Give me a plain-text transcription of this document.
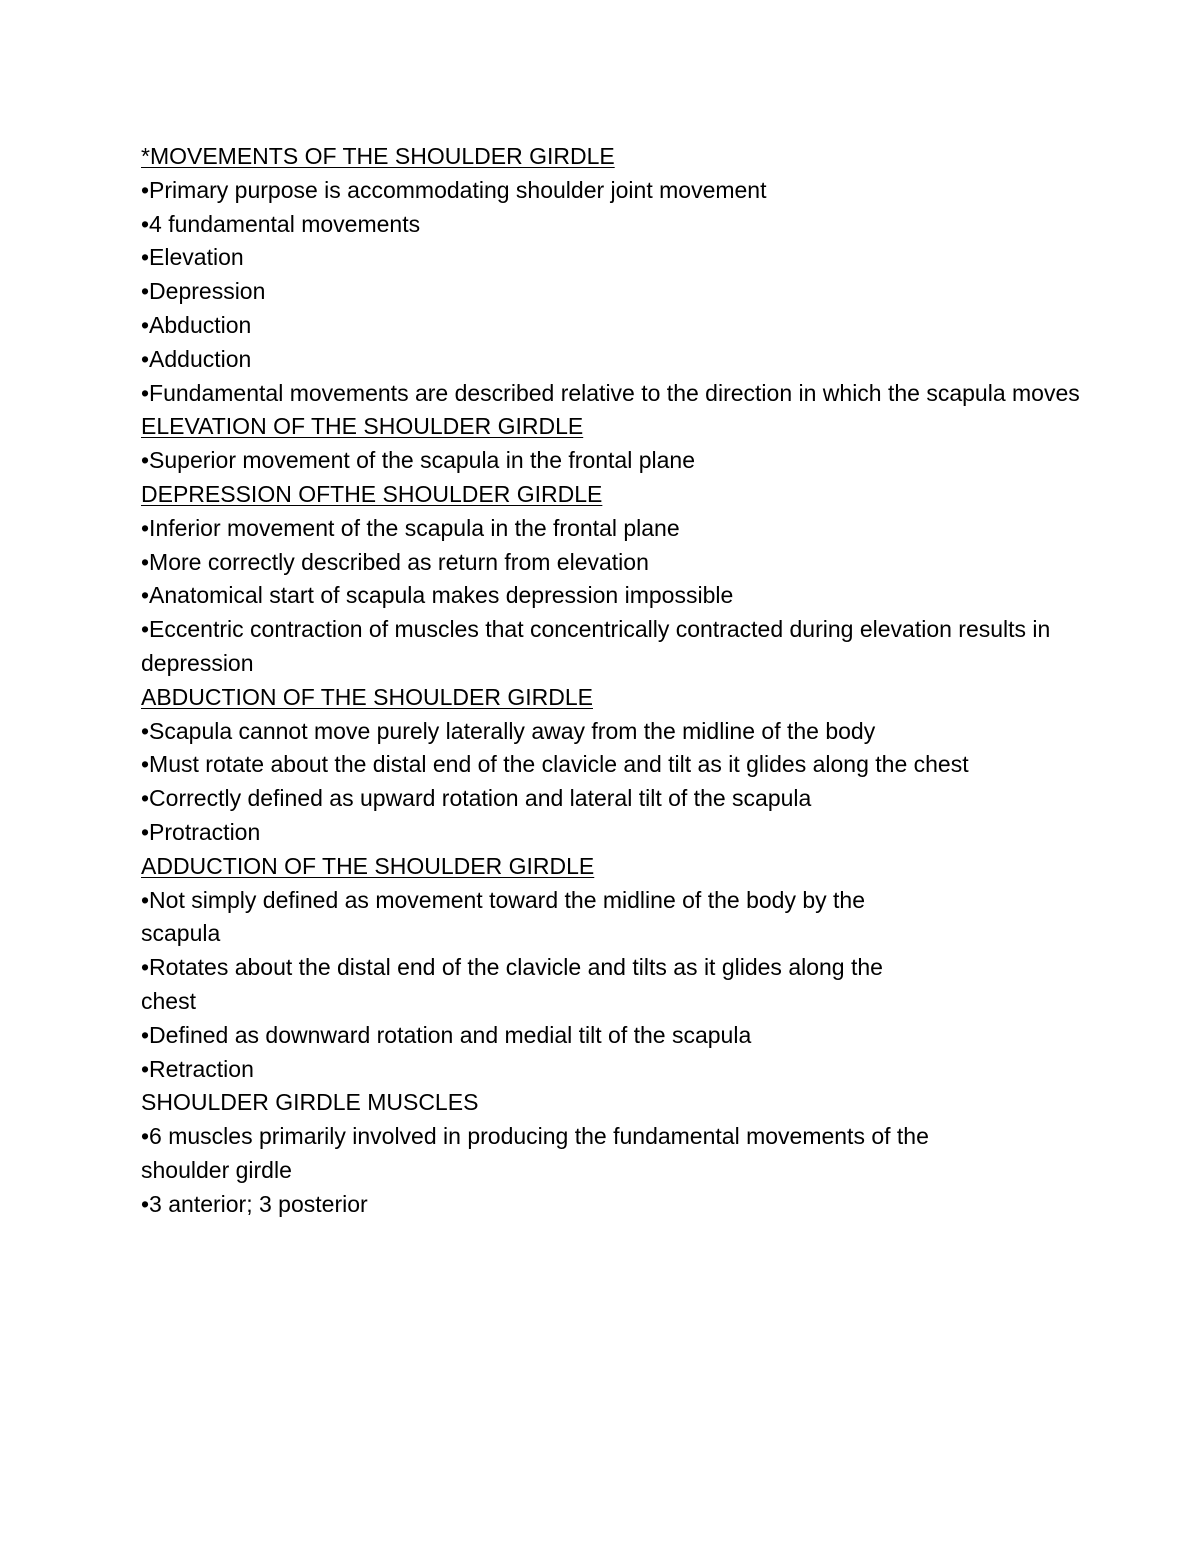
*MOVEMENTS OF THE SHOULDER GIRDLE
•Primary purpose is accommodating shoulder joint movement
•4 fundamental movements
•Elevation
•Depression
•Abduction
•Adduction
•Fundamental movements are described relative to the direction in which the scapula moves
ELEVATION OF THE SHOULDER GIRDLE
•Superior movement of the scapula in the frontal plane
DEPRESSION OFTHE SHOULDER GIRDLE
•Inferior movement of the scapula in the frontal plane
•More correctly described as return from elevation
•Anatomical start of scapula makes depression impossible
•Eccentric contraction of muscles that concentrically contracted during elevation results in
depression
ABDUCTION OF THE SHOULDER GIRDLE
•Scapula cannot move purely laterally away from the midline of the body
•Must rotate about the distal end of the clavicle and tilt as it glides along the chest
•Correctly defined as upward rotation and lateral tilt of the scapula
•Protraction
ADDUCTION OF THE SHOULDER GIRDLE
•Not simply defined as movement toward the midline of the body by the
scapula
•Rotates about the distal end of the clavicle and tilts as it glides along the
chest
•Defined as downward rotation and medial tilt of the scapula
•Retraction
SHOULDER GIRDLE MUSCLES
•6 muscles primarily involved in producing the fundamental movements of the
shoulder girdle
•3 anterior; 3 posterior
